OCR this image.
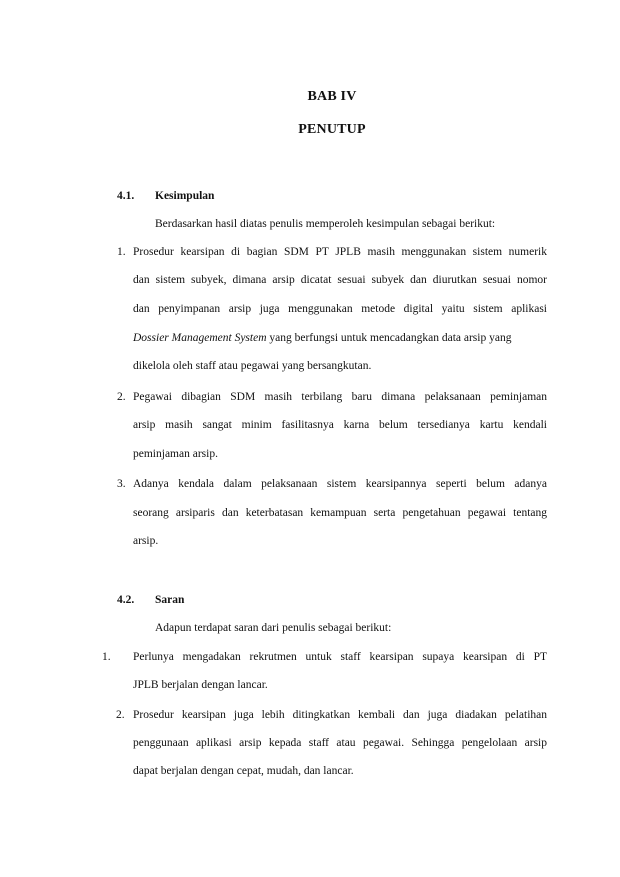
BAB IV
PENUTUP
4.1. Kesimpulan
Berdasarkan hasil diatas penulis memperoleh kesimpulan sebagai berikut:
1. Prosedur kearsipan di bagian SDM PT JPLB masih menggunakan sistem numerik
dan sistem subyek, dimana arsip dicatat sesuai subyek dan diurutkan sesuai nomor
dan penyimpanan arsip juga menggunakan metode digital yaitu sistem aplikasi
Dossier Management System yang berfungsi untuk mencadangkan data arsip yang
dikelola oleh staff atau pegawai yang bersangkutan.
2. Pegawai dibagian SDM masih terbilang baru dimana pelaksanaan peminjaman
arsip masih sangat minim fasilitasnya karna belum tersedianya kartu kendali
peminjaman arsip.
3. Adanya kendala dalam pelaksanaan sistem kearsipannya seperti belum adanya
seorang arsiparis dan keterbatasan kemampuan serta pengetahuan pegawai tentang
arsip.
4.2. Saran
Adapun terdapat saran dari penulis sebagai berikut:
1. Perlunya mengadakan rekrutmen untuk staff kearsipan supaya kearsipan di PT
JPLB berjalan dengan lancar.
2. Prosedur kearsipan juga lebih ditingkatkan kembali dan juga diadakan pelatihan
penggunaan aplikasi arsip kepada staff atau pegawai. Sehingga pengelolaan arsip
dapat berjalan dengan cepat, mudah, dan lancar.
